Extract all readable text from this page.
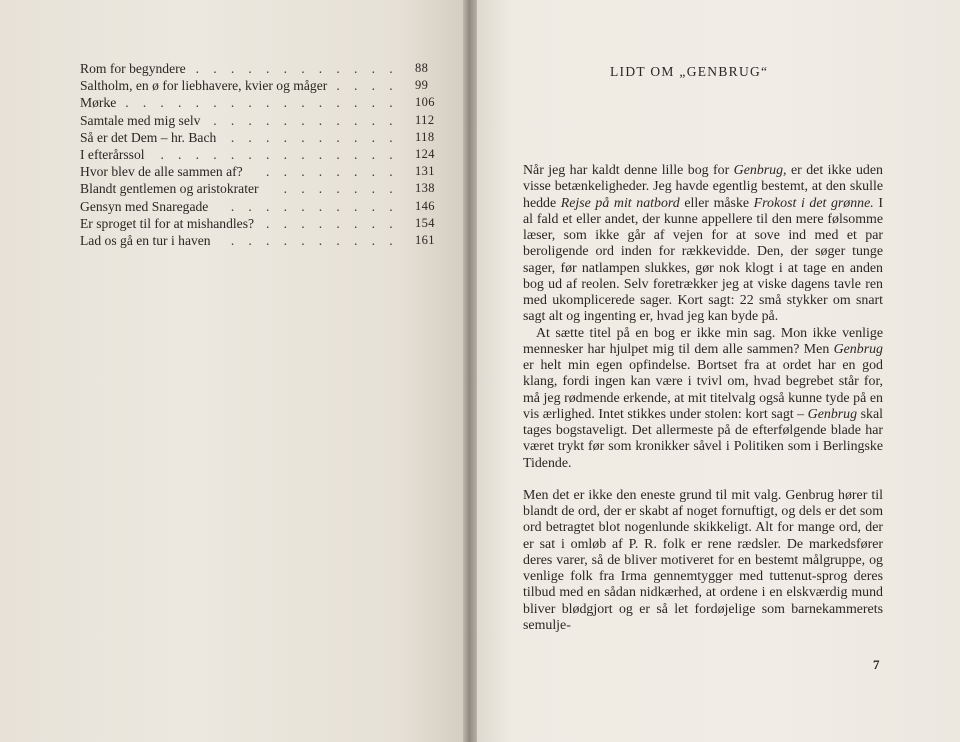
Rom for begyndere . . . . . . . . . . . . 88
Saltholm, en ø for liebhavere, kvier og måger . . . . 99
Mørke
. . . . . . . . . . . . . . . . . 106
Samtale med mig selv . . . . . . . . . . . 112
Så er det Dem – hr. Bach . . . . . . . . . . 118
I efterårssol . . . . . . . . . . . . . . 124
Hvor blev de alle sammen af? . . . . . . . . 131
Blandt gentlemen og aristokrater . . . . . . . 138
Gensyn med Snaregade . . . . . . . . . . 146
Er sproget til for at mishandles? . . . . . . . . 154
Lad os gå en tur i haven . . . . . . . . . . 161
LIDT OM „GENBRUG“

Når jeg har kaldt denne lille bog for Genbrug, er det ikke uden visse betænkeligheder. Jeg havde egentlig bestemt, at den skulle hedde Rejse på mit natbord eller måske Frokost i det grønne. I al fald et eller andet, der kunne appellere til den mere følsomme læser, som ikke går af vejen for at sove ind med et par beroligende ord inden for rækkevidde. Den, der søger tunge sager, før natlampen slukkes, gør nok klogt i at tage en anden bog ud af reolen. Selv foretrækker jeg at viske dagens tavle ren med ukomplicerede sager. Kort sagt: 22 små stykker om snart sagt alt og ingenting er, hvad jeg kan byde på.

At sætte titel på en bog er ikke min sag. Mon ikke venlige mennesker har hjulpet mig til dem alle sammen? Men Genbrug er helt min egen opfindelse. Bortset fra at ordet har en god klang, fordi ingen kan være i tvivl om, hvad begrebet står for, må jeg rødmende erkende, at mit titelvalg også kunne tyde på en vis ærlighed. Intet stikkes under stolen: kort sagt – Genbrug skal tages bogstaveligt. Det allermeste på de efterfølgende blade har været trykt før som kronikker såvel i Politiken som i Berlingske Tidende.

Men det er ikke den eneste grund til mit valg. Genbrug hører til blandt de ord, der er skabt af noget fornuftigt, og dels er det som ord betragtet blot nogenlunde skikkeligt. Alt for mange ord, der er sat i omløb af P. R. folk er rene rædsler. De markedsfører deres varer, så de bliver motiveret for en bestemt målgruppe, og venlige folk fra Irma gennemtygger med tuttenut-sprog deres tilbud med en sådan nidkærhed, at ordene i en elskværdig mund bliver blødgjort og er så let fordøjelige som barnekammerets semulje-

7
